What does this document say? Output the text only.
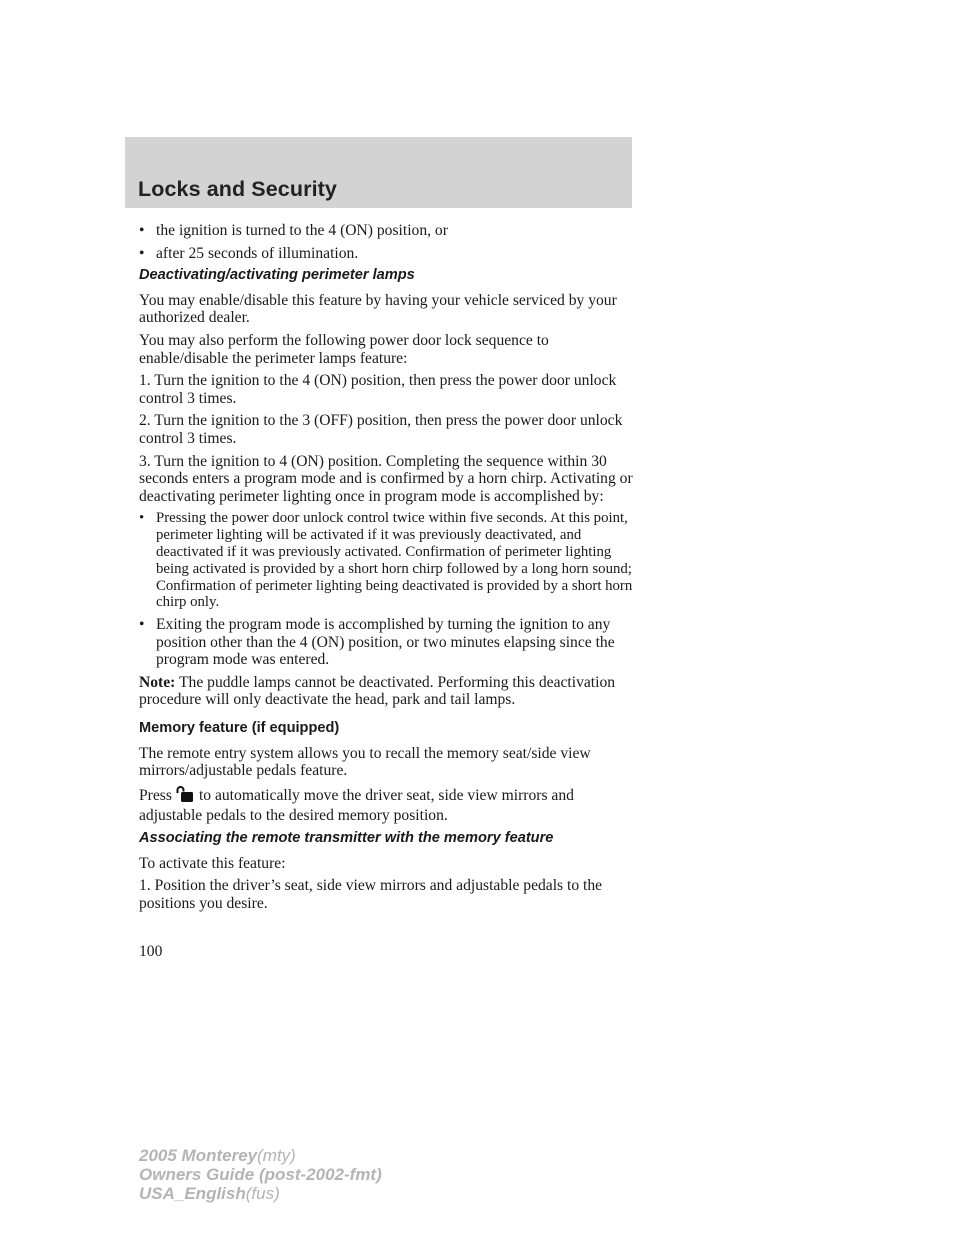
Locks and Security
• the ignition is turned to the 4 (ON) position, or
• after 25 seconds of illumination.
Deactivating/activating perimeter lamps

You may enable/disable this feature by having your vehicle serviced by your authorized dealer.

You may also perform the following power door lock sequence to enable/disable the perimeter lamps feature:

1. Turn the ignition to the 4 (ON) position, then press the power door unlock control 3 times.

2. Turn the ignition to the 3 (OFF) position, then press the power door unlock control 3 times.

3. Turn the ignition to 4 (ON) position. Completing the sequence within 30 seconds enters a program mode and is confirmed by a horn chirp. Activating or deactivating perimeter lighting once in program mode is accomplished by:

• Pressing the power door unlock control twice within five seconds. At this point, perimeter lighting will be activated if it was previously deactivated, and deactivated if it was previously activated. Confirmation of perimeter lighting being activated is provided by a short horn chirp followed by a long horn sound; Confirmation of perimeter lighting being deactivated is provided by a short horn chirp only.
• Exiting the program mode is accomplished by turning the ignition to any position other than the 4 (ON) position, or two minutes elapsing since the program mode was entered.

Note: The puddle lamps cannot be deactivated. Performing this deactivation procedure will only deactivate the head, park and tail lamps.

Memory feature (if equipped)

The remote entry system allows you to recall the memory seat/side view mirrors/adjustable pedals feature.

Press to automatically move the driver seat, side view mirrors and adjustable pedals to the desired memory position.

Associating the remote transmitter with the memory feature

To activate this feature:

1. Position the driver’s seat, side view mirrors and adjustable pedals to the positions you desire.

100
2005 Monterey(mty)
Owners Guide (post-2002-fmt)
USA_English(fus)
